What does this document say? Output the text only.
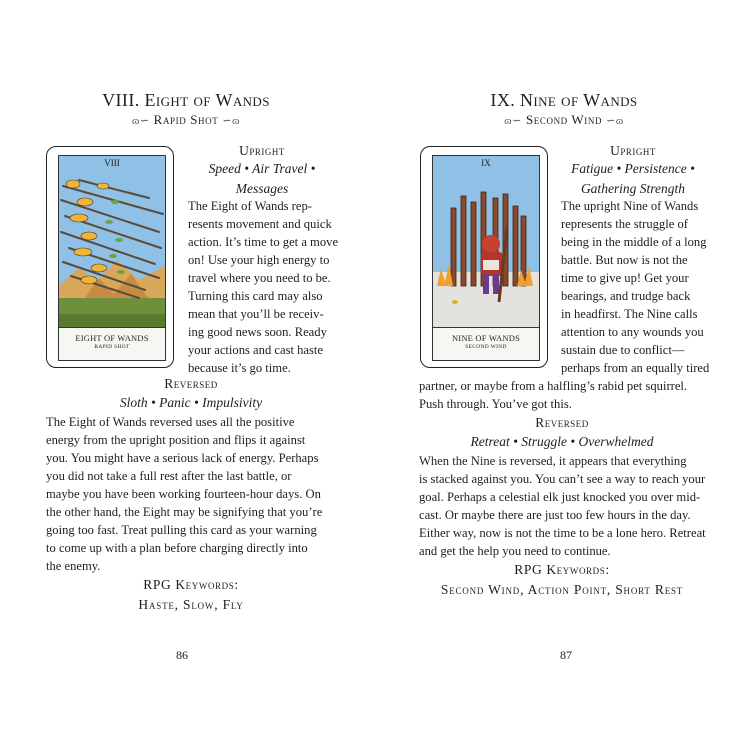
VIII. Eight of Wands
ɷ∽ Rapid Shot ∽ɷ
VIII
EIGHT OF WANDS
RAPID SHOT
Upright
Speed • Air Travel •
Messages
The Eight of Wands rep-
resents movement and quick
action. It’s time to get a move
on! Use your high energy to
travel where you need to be.
Turning this card may also
mean that you’ll be receiv-
ing good news soon. Ready
your actions and cast haste
because it’s go time.
Reversed
Sloth • Panic • Impulsivity
The Eight of Wands reversed uses all the positive
energy from the upright position and flips it against
you. You might have a serious lack of energy. Perhaps
you did not take a full rest after the last battle, or
maybe you have been working fourteen-hour days. On
the other hand, the Eight may be signifying that you’re
going too fast. Treat pulling this card as your warning
to come up with a plan before charging directly into
the enemy.
RPG Keywords:
Haste, Slow, Fly
86
IX. Nine of Wands
ɷ∽ Second Wind ∽ɷ
IX
NINE OF WANDS
SECOND WIND
Upright
Fatigue • Persistence •
Gathering Strength
The upright Nine of Wands
represents the struggle of
being in the middle of a long
battle. But now is not the
time to give up! Get your
bearings, and trudge back
in headfirst. The Nine calls
attention to any wounds you
sustain due to conflict—
perhaps from an equally tired
partner, or maybe from a halfling’s rabid pet squirrel.
Push through. You’ve got this.
Reversed
Retreat • Struggle • Overwhelmed
When the Nine is reversed, it appears that everything
is stacked against you. You can’t see a way to reach your
goal. Perhaps a celestial elk just knocked you over mid-
cast. Or maybe there are just too few hours in the day.
Either way, now is not the time to be a lone hero. Retreat
and get the help you need to continue.
RPG Keywords:
Second Wind, Action Point, Short Rest
87
